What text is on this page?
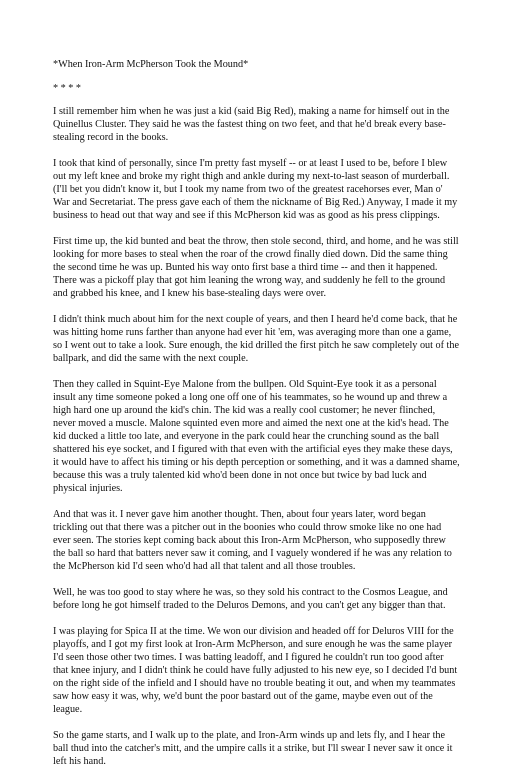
*When Iron-Arm McPherson Took the Mound*
* * * *

I still remember him when he was just a kid (said Big Red), making a name for himself out in the Quinellus Cluster. They said he was the fastest thing on two feet, and that he'd break every base-stealing record in the books.

I took that kind of personally, since I'm pretty fast myself -- or at least I used to be, before I blew out my left knee and broke my right thigh and ankle during my next-to-last season of murderball. (I'll bet you didn't know it, but I took my name from two of the greatest racehorses ever, Man o' War and Secretariat. The press gave each of them the nickname of Big Red.) Anyway, I made it my business to head out that way and see if this McPherson kid was as good as his press clippings.

First time up, the kid bunted and beat the throw, then stole second, third, and home, and he was still looking for more bases to steal when the roar of the crowd finally died down. Did the same thing the second time he was up. Bunted his way onto first base a third time -- and then it happened. There was a pickoff play that got him leaning the wrong way, and suddenly he fell to the ground and grabbed his knee, and I knew his base-stealing days were over.

I didn't think much about him for the next couple of years, and then I heard he'd come back, that he was hitting home runs farther than anyone had ever hit 'em, was averaging more than one a game, so I went out to take a look. Sure enough, the kid drilled the first pitch he saw completely out of the ballpark, and did the same with the next couple.

Then they called in Squint-Eye Malone from the bullpen. Old Squint-Eye took it as a personal insult any time someone poked a long one off one of his teammates, so he wound up and threw a high hard one up around the kid's chin. The kid was a really cool customer; he never flinched, never moved a muscle. Malone squinted even more and aimed the next one at the kid's head. The kid ducked a little too late, and everyone in the park could hear the crunching sound as the ball shattered his eye socket, and I figured with that even with the artificial eyes they make these days, it would have to affect his timing or his depth perception or something, and it was a damned shame, because this was a truly talented kid who'd been done in not once but twice by bad luck and physical injuries.

And that was it. I never gave him another thought. Then, about four years later, word began trickling out that there was a pitcher out in the boonies who could throw smoke like no one had ever seen. The stories kept coming back about this Iron-Arm McPherson, who supposedly threw the ball so hard that batters never saw it coming, and I vaguely wondered if he was any relation to the McPherson kid I'd seen who'd had all that talent and all those troubles.

Well, he was too good to stay where he was, so they sold his contract to the Cosmos League, and before long he got himself traded to the Deluros Demons, and you can't get any bigger than that.

I was playing for Spica II at the time. We won our division and headed off for Deluros VIII for the playoffs, and I got my first look at Iron-Arm McPherson, and sure enough he was the same player I'd seen those other two times. I was batting leadoff, and I figured he couldn't run too good after that knee injury, and I didn't think he could have fully adjusted to his new eye, so I decided I'd bunt on the right side of the infield and I should have no trouble beating it out, and when my teammates saw how easy it was, why, we'd bunt the poor bastard out of the game, maybe even out of the league.

So the game starts, and I walk up to the plate, and Iron-Arm winds up and lets fly, and I hear the ball thud into the catcher's mitt, and the umpire calls it a strike, but I'll swear I never saw it once it left his hand.
